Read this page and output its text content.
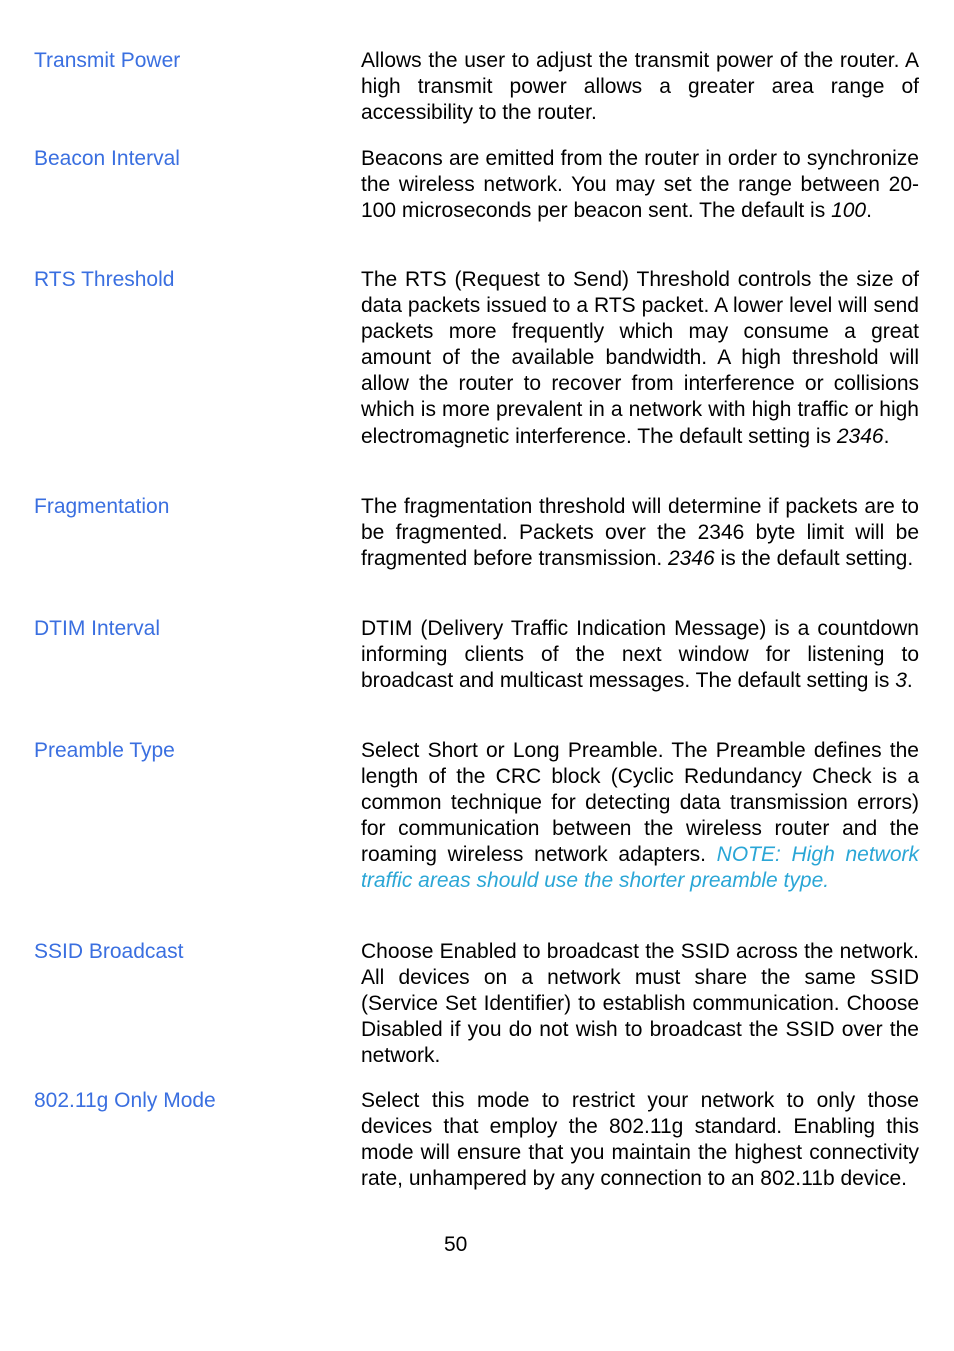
Transmit Power	Allows the user to adjust the transmit power of the router. A high transmit power allows a greater area range of accessibility to the router.
Beacon Interval	Beacons are emitted from the router in order to synchronize the wireless network. You may set the range between 20-100 microseconds per beacon sent. The default is 100.
RTS Threshold	The RTS (Request to Send) Threshold controls the size of data packets issued to a RTS packet. A lower level will send packets more frequently which may consume a great amount of the available bandwidth. A high threshold will allow the router to recover from interference or collisions which is more prevalent in a network with high traffic or high electromagnetic interference. The default setting is 2346.
Fragmentation	The fragmentation threshold will determine if packets are to be fragmented. Packets over the 2346 byte limit will be fragmented before transmission. 2346 is the default setting.
DTIM Interval	DTIM (Delivery Traffic Indication Message) is a countdown informing clients of the next window for listening to broadcast and multicast messages. The default setting is 3.
Preamble Type	Select Short or Long Preamble. The Preamble defines the length of the CRC block (Cyclic Redundancy Check is a common technique for detecting data transmission errors) for communication between the wireless router and the roaming wireless network adapters. NOTE: High network traffic areas should use the shorter preamble type.
SSID Broadcast	Choose Enabled to broadcast the SSID across the network. All devices on a network must share the same SSID (Service Set Identifier) to establish communication. Choose Disabled if you do not wish to broadcast the SSID over the network.
802.11g Only Mode	Select this mode to restrict your network to only those devices that employ the 802.11g standard. Enabling this mode will ensure that you maintain the highest connectivity rate, unhampered by any connection to an 802.11b device.
50
